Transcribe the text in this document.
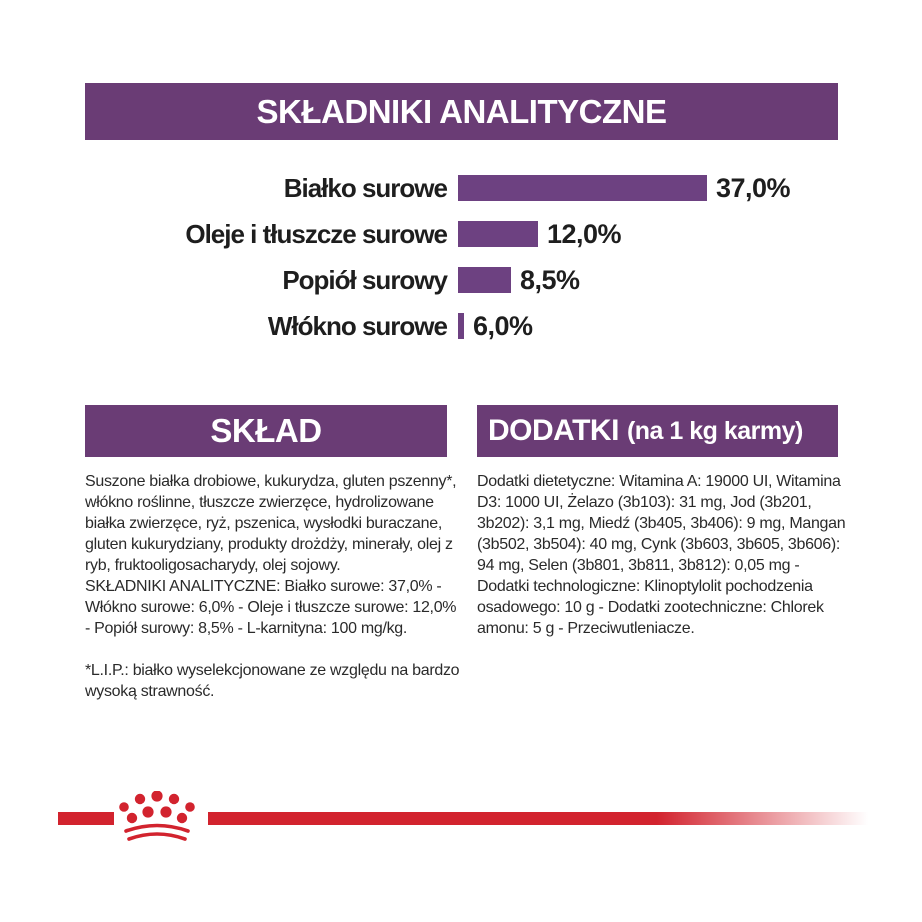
SKŁADNIKI ANALITYCZNE
Białko surowe	37,0%
Oleje i tłuszcze surowe	12,0%
Popiół surowy	8,5%
Włókno surowe 6,0%
SKŁAD	DODATKI (na 1 kg karmy)

Suszone białka drobiowe, kukurydza, gluten pszenny*, włókno roślinne, tłuszcze zwierzęce, hydrolizowane białka zwierzęce, ryż, pszenica, wysłodki buraczane, gluten kukurydziany, produkty drożdży, minerały, olej z ryb, fruktooligosacharydy, olej sojowy.

SKŁADNIKI ANALITYCZNE: Białko surowe: 37,0% - Włókno surowe: 6,0% - Oleje i tłuszcze surowe: 12,0% - Popiół surowy: 8,5% - L-karnityna: 100 mg/kg.

*L.I.P.: białko wyselekcjonowane ze względu na bardzo wysoką strawność.

Dodatki dietetyczne: Witamina A: 19000 UI, Witamina D3: 1000 UI, Żelazo (3b103): 31 mg, Jod (3b201, 3b202): 3,1 mg, Miedź (3b405, 3b406): 9 mg, Mangan (3b502, 3b504): 40 mg, Cynk (3b603, 3b605, 3b606): 94 mg, Selen (3b801, 3b811, 3b812): 0,05 mg - Dodatki technologiczne: Klinoptylolit pochodzenia osadowego: 10 g - Dodatki zootechniczne: Chlorek amonu: 5 g - Przeciwutleniacze.
